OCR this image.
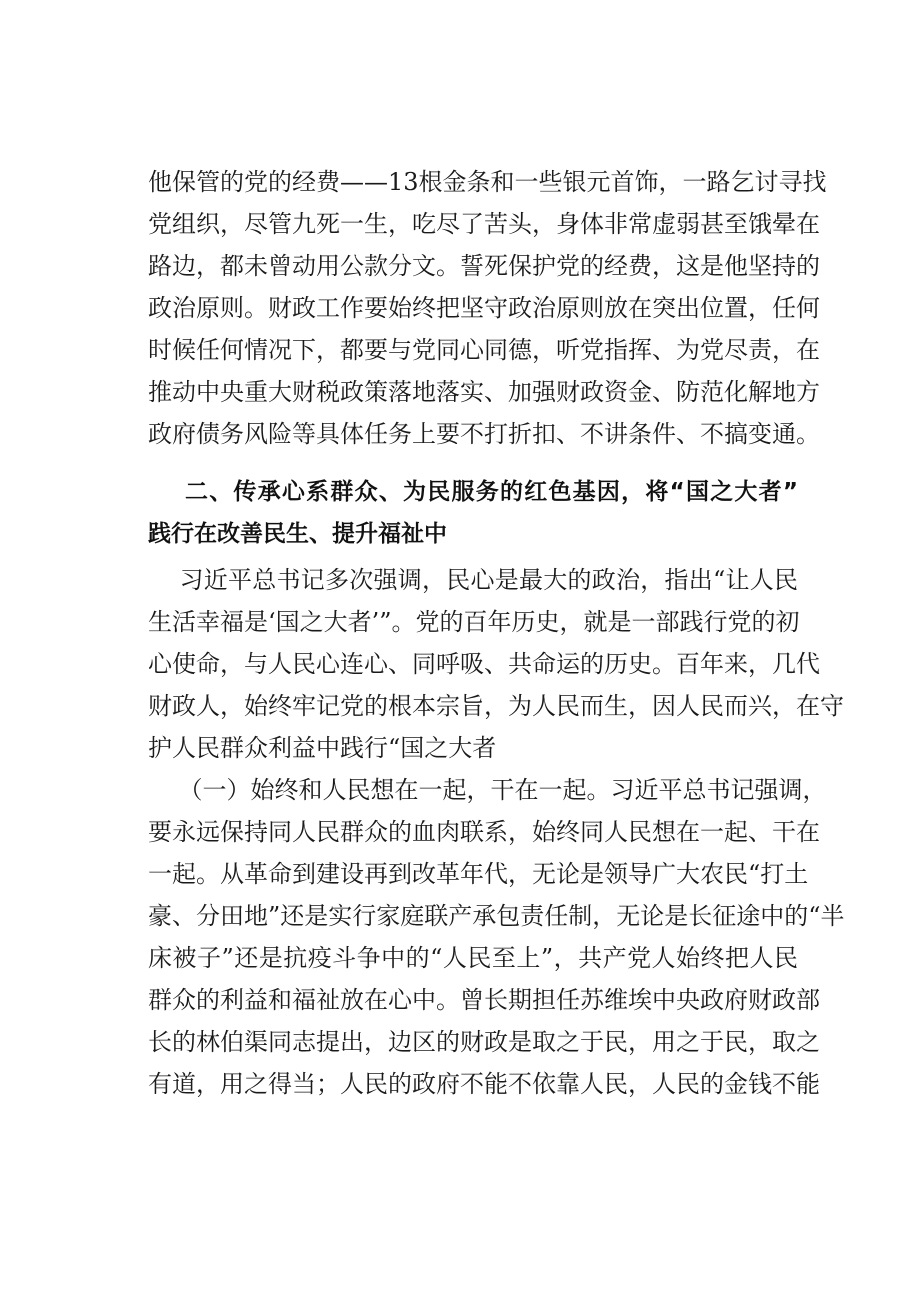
他保管的党的经费——13根金条和一些银元首饰，一路乞讨寻找
党组织，尽管九死一生，吃尽了苦头，身体非常虚弱甚至饿晕在
路边，都未曾动用公款分文。誓死保护党的经费，这是他坚持的
政治原则。财政工作要始终把坚守政治原则放在突出位置，任何
时候任何情况下，都要与党同心同德，听党指挥、为党尽责，在
推动中央重大财税政策落地落实、加强财政资金、防范化解地方
政府债务风险等具体任务上要不打折扣、不讲条件、不搞变通。
二、传承心系群众、为民服务的红色基因，将“国之大者”
践行在改善民生、提升福祉中
习近平总书记多次强调，民心是最大的政治，指出“让人民
生活幸福是‘国之大者’”。党的百年历史，就是一部践行党的初
心使命，与人民心连心、同呼吸、共命运的历史。百年来，几代
财政人，始终牢记党的根本宗旨，为人民而生，因人民而兴，在守
护人民群众利益中践行“国之大者
（一）始终和人民想在一起，干在一起。习近平总书记强调，
要永远保持同人民群众的血肉联系，始终同人民想在一起、干在
一起。从革命到建设再到改革年代，无论是领导广大农民“打土
豪、分田地”还是实行家庭联产承包责任制，无论是长征途中的“半
床被子”还是抗疫斗争中的“人民至上”，共产党人始终把人民
群众的利益和福祉放在心中。曾长期担任苏维埃中央政府财政部
长的林伯渠同志提出，边区的财政是取之于民，用之于民，取之
有道，用之得当；人民的政府不能不依靠人民，人民的金钱不能
